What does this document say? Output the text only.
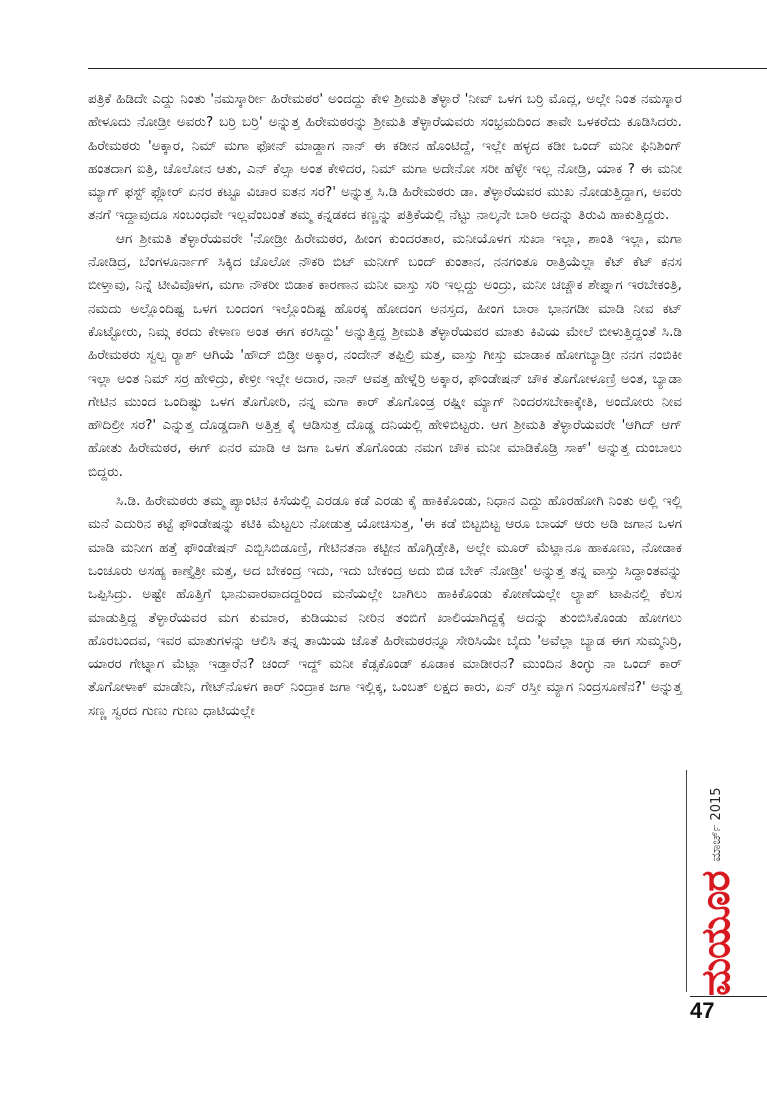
ಪತ್ರಿಕೆ ಹಿಡಿದೇ ಎದ್ದು ನಿಂತು 'ನಮಸ್ಕಾರ್ರೀ ಹಿರೇಮಠರ' ಅಂದದ್ದು ಕೇಳಿ ಶ್ರೀಮತಿ ತೆಳ್ಳಾರೆ 'ನೀವ್ ಒಳಗ ಬರ್ರಿ ಮೊದ್ಲ, ಅಲ್ಲೇ ನಿಂತ ನಮಸ್ಕಾರ ಹೇಳೂದು ನೋಡ್ರೀ ಅವರು? ಬರ್ರಿ ಬರ್ರಿ' ಅನ್ನುತ್ತ ಹಿರೇಮಠರನ್ನು ಶ್ರೀಮತಿ ತೆಳ್ಳಾರೆಯವರು ಸಂಭ್ರಮದಿಂದ ತಾವೇ ಒಳಕರೆದು ಕೂಡಿಸಿದರು. ಹಿರೇಮಠರು 'ಅಕ್ಕಾರ, ನಿಮ್ ಮಗಾ ಫೋನ್ ಮಾಡ್ದಾಗ ನಾನ್ ಈ ಕಡೀನ ಹೊಂಟಿದ್ದೆ, ಇಲ್ಲೇ ಹಳ್ಳದ ಕಡೀ ಒಂದ್ ಮನೀ ಫಿನಿಶಿಂಗ್ ಹಂತದಾಗ ಐತ್ರಿ, ಚೊಲೋನ ಆತು, ಎನ್ ಕೆಲ್ಸಾ ಅಂತ ಕೇಳಿದರ, ನಿಮ್ ಮಗಾ ಅದೇನೋ ಸರೀ ಹೆಳ್ಳೇ ಇಲ್ಲ ನೋಡ್ರಿ, ಯಾಕ ? ಈ ಮನೀ ಮ್ಯಾಗ್ ಫಸ್ಟ್ ಫ್ಲೋರ್ ಏನರ ಕಟ್ಟೂ ವಿಚಾರ ಐತನ ಸರ?' ಅನ್ನುತ್ತ ಸಿ.ಡಿ ಹಿರೇಮಠರು ಡಾ. ತೆಳ್ಳಾರೆಯವರ ಮುಖ ನೋಡುತ್ತಿದ್ದಾಗ, ಅವರು ತನಗೆ ಇದ್ದಾವುದೂ ಸಂಬಂಧವೇ ಇಲ್ಲವೆಂಬಂತೆ ತಮ್ಮ ಕನ್ನಡಕದ ಕಣ್ಣನ್ನು ಪತ್ರಿಕೆಯಲ್ಲಿ ನೆಟ್ಟು ನಾಲ್ಕನೇ ಬಾರಿ ಅದನ್ನು ತಿರುವಿ ಹಾಕುತ್ತಿದ್ದರು.

ಆಗ ಶ್ರೀಮತಿ ತೆಳ್ಳಾರೆಯವರೇ 'ನೋಡ್ರೀ ಹಿರೇಮಠರ, ಹೀಂಗ ಕುಂದರತಾರ, ಮನೀಯೊಳಗ ಸುಖಾ ಇಲ್ಲಾ, ಶಾಂತಿ ಇಲ್ಲಾ, ಮಗಾ ನೋಡಿದ್ರ, ಬೆಂಗಳೂರ್ನಾಗ್ ಸಿಕ್ಕಿದ ಚೊಲೋ ನೌಕರಿ ಬಿಟ್ ಮನೀಗ್ ಬಂದ್ ಕುಂತಾನ, ನನಗಂತೂ ರಾತ್ರಿಯೆಲ್ಲಾ ಕೆಟ್ ಕೆಟ್ ಕನಸ ಬೀಳ್ತಾವು, ನಿನ್ನೆ ಟೀವಿವೊಳಗ, ಮಗಾ ನೌಕರೀ ಬಿಡಾಕ ಕಾರಣಾನ ಮನೀ ವಾಸ್ತು ಸರಿ ಇಲ್ಲದ್ದು ಅಂದ್ರು, ಮನೀ ಚಚ್ಚೌಕ ಶೇಪ್ನಾಗ ಇರಬೇಕಂತ್ರಿ, ನಮದು ಅಲ್ಲೊಂದಿಷ್ಟ ಒಳಗ ಬಂದಂಗ ಇಲ್ಲೊಂದಿಷ್ಟ ಹೊರಕ್ಕ ಹೋದಂಗ ಅನಸ್ತದ, ಹೀಂಗ ಬಾರಾ ಭಾನಗಡೀ ಮಾಡಿ ನೀವ ಕಟ್ ಕೊಟ್ಟೋರು, ನಿಮ್ಗ ಕರದು ಕೇಳಾಣ ಅಂತ ಈಗ ಕರಸಿದ್ದು' ಅನ್ನುತ್ತಿದ್ದ ಶ್ರೀಮತಿ ತೆಳ್ಳಾರೆಯವರ ಮಾತು ಕಿವಿಯ ಮೇಲೆ ಬೀಳುತ್ತಿದ್ದಂತೆ ಸಿ.ಡಿ ಹಿರೇಮಠರು ಸ್ವಲ್ಪ ರ‍್ಯಾಶ್ ಆಗಿಯೆ 'ಹೌದ್ ಬಿಡ್ರೀ ಅಕ್ಕಾರ, ನಂದೇನ್ ತಪ್ಪಿಲ್ರಿ ಮತ್ತ, ವಾಸ್ತು ಗೀಸ್ತು ಮಾಡಾಕ ಹೋಗಬ್ಯಾಡ್ರೀ ನನಗ ನಂಬಿಕೀ ಇಲ್ಲಾ ಅಂತ ನಿಮ್ ಸರ್ರ ಹೇಳಿದ್ರು, ಕೇಳ್ರೀ ಇಲ್ಲೇ ಅದಾರ, ನಾನ್ ಆವತ್ತ ಹೇಳ್ನೆರ್ರಿ ಅಕ್ಕಾರ, ಫೌಂಡೇಷನ್ ಚೌಕ ತೊಗೋಳೂಣ್ರಿ ಅಂತ, ಬ್ಯಾಡಾ ಗೇಟಿನ ಮುಂದ ಒಂದಿಷ್ಟು ಒಳಗ ತೊಗೋರಿ, ನನ್ನ ಮಗಾ ಕಾರ್ ತೊಗೊಂಡ್ರ ರಷ್ಷೀ ಮ್ಯಾಗ್ ನಿಂದರಸಬೇಕಾಕ್ಕೇತಿ, ಅಂದೋರು ನೀವ ಹೌದಿಲ್ರೀ ಸರ?' ಎನ್ನುತ್ತ ದೊಡ್ಡದಾಗಿ ಅತ್ತಿತ್ತ ಕೈ ಆಡಿಸುತ್ತ ದೊಡ್ಡ ದನಿಯಲ್ಲಿ ಹೇಳಿಬಿಟ್ಟರು. ಆಗ ಶ್ರೀಮತಿ ತೆಳ್ಳಾರೆಯವರೇ 'ಆಗಿದ್ ಆಗ್ ಹೋತು ಹಿರೇಮಠರ, ಈಗ್ ಏನರ ಮಾಡಿ ಆ ಜಗಾ ಒಳಗ ತೊಗೊಂಡು ನಮಗ ಚೌಕ ಮನೀ ಮಾಡಿಕೊಡ್ರಿ ಸಾಕ್' ಅನ್ನುತ್ತ ದುಂಬಾಲು ಬಿದ್ದರು.

ಸಿ.ಡಿ. ಹಿರೇಮಠರು ತಮ್ಮ ಪ್ಯಾಂಟಿನ ಕಿಸೆಯಲ್ಲಿ ಎರಡೂ ಕಡೆ ಎರಡು ಕೈ ಹಾಕಿಕೊಂಡು, ನಿಧಾನ ಎದ್ದು ಹೊರಹೋಗಿ ನಿಂತು ಅಲ್ಲಿ ಇಲ್ಲಿ ಮನೆ ಎದುರಿನ ಕಟ್ಟೆ ಫೌಂಡೇಷನ್ನು ಕಟಿಕಿ ಮೆಟ್ಟಲು ನೋಡುತ್ತ ಯೋಚಿಸುತ್ತ, 'ಈ ಕಡೆ ಬಿಟ್ಟಬಿಟ್ಟ ಆರೂ ಬಾಯ್ ಆರು ಅಡಿ ಜಗಾನ ಒಳಗ ಮಾಡಿ ಮನೀಗ ಹತ್ತೆ ಫೌಂಡೇಷನ್ ಎಬ್ಬಿಸಿಬಿಡೂಣ್ರಿ, ಗೇಟಿನತನಾ ಕಟ್ಟೀನ ಹೊಗ್ಗಿಡ್ತೇತಿ, ಅಲ್ಲೇ ಮೂರ್ ಮೆಟ್ಲಾನೂ ಹಾಕೂಣು, ನೋಡಾಕ ಒಂಚೂರು ಅಸಹ್ಯ ಕಾಣ್ತೈತ್ರೀ ಮತ್ತ, ಅದ ಬೇಕಂದ್ರ ಇದು, ಇದು ಬೇಕಂದ್ರ ಅದು ಬಿಡ ಬೇಕ್ ನೋಡ್ರೀ' ಅನ್ನುತ್ತ ತನ್ನ ವಾಸ್ತು ಸಿದ್ಧಾಂತವನ್ನು ಒಪ್ಪಿಸಿದ್ರು. ಅಷ್ಟೇ ಹೊತ್ತಿಗೆ ಭಾನುವಾರವಾದದ್ದರಿಂದ ಮನೆಯಲ್ಲೇ ಬಾಗಿಲು ಹಾಕಿಕೊಂಡು ಕೋಣೆಯಲ್ಲೇ ಲ್ಯಾಪ್ ಟಾಪಿನಲ್ಲಿ ಕೆಲಸ ಮಾಡುತ್ತಿದ್ದ ತೆಳ್ಳಾರೆಯವರ ಮಗ ಕುಮಾರ, ಕುಡಿಯುವ ನೀರಿನ ತಂಬಿಗೆ ಖಾಲಿಯಾಗಿದ್ದಕ್ಕೆ ಅದನ್ನು ತುಂಬಿಸಿಕೊಂಡು ಹೋಗಲು ಹೊರಬಂದವ, ಇವರ ಮಾತುಗಳನ್ನು ಆಲಿಸಿ ತನ್ನ ತಾಯಿಯ ಜೊತೆ ಹಿರೇಮಠರನ್ನೂ ಸೇರಿಸಿಯೇ ಬೈದು 'ಅವೆಲ್ಲಾ ಬ್ಯಾಡ ಈಗ ಸುಮ್ಮನಿರ್ರಿ, ಯಾರರ ಗೇಟ್ನಾಗ ಮೆಟ್ಲಾ ಇಡ್ತಾರೆನ? ಚಂದ್ ಇದ್ದ್ ಮನೀ ಕೆಡ್ಸಕೊಂಡ್ ಕೂಡಾಕ ಮಾಡೀರನ? ಮುಂದಿನ ತಿಂಗ್ಳು ನಾ ಒಂದ್ ಕಾರ್ ತೊಗೋಳಾಕ್ ಮಾಡೇನಿ, ಗೇಟ್‌ನೊಳಗ ಕಾರ್ ನಿಂದ್ರಾಕ ಜಗಾ ಇಲ್ಲಿಕ್ಕ, ಒಂಬತ್ ಲಕ್ಷದ ಕಾರು, ಏನ್ ರಸ್ತೀ ಮ್ಯಾಗ ನಿಂದ್ರಸೂಣೆನ?' ಅನ್ನುತ್ತ ಸಣ್ಣ ಸ್ವರದ ಗುಣು ಗುಣು ಧಾಟಿಯಲ್ಲೇ

ಮಯೂರ
ಮಾರ್ಚ್ 2015
47
